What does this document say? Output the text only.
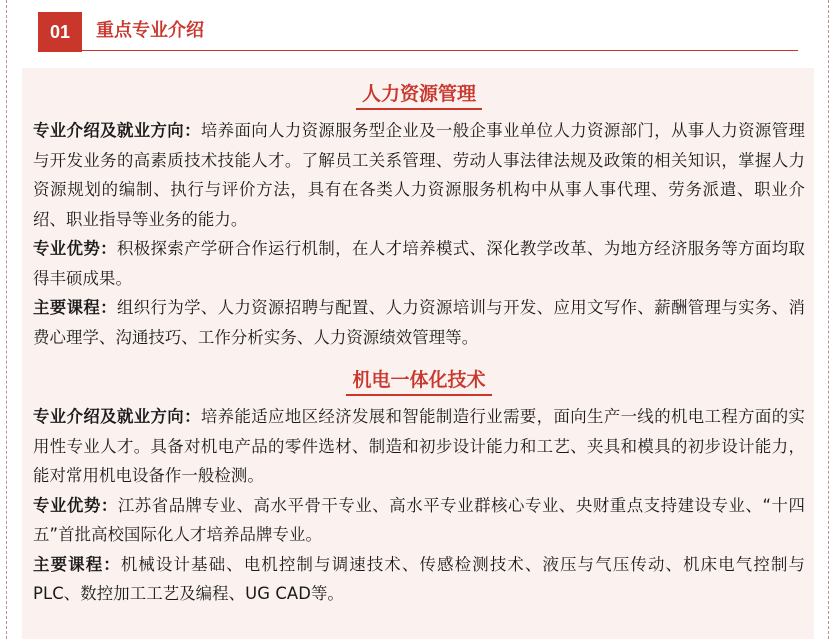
01	重点专业介绍
人力资源管理

专业介绍及就业方向：培养面向人力资源服务型企业及一般企事业单位人力资源部门，从事人力资源管理与开发业务的高素质技术技能人才。了解员工关系管理、劳动人事法律法规及政策的相关知识，掌握人力资源规划的编制、执行与评价方法，具有在各类人力资源服务机构中从事人事代理、劳务派遣、职业介绍、职业指导等业务的能力。

专业优势：积极探索产学研合作运行机制，在人才培养模式、深化教学改革、为地方经济服务等方面均取得丰硕成果。

主要课程：组织行为学、人力资源招聘与配置、人力资源培训与开发、应用文写作、薪酬管理与实务、消费心理学、沟通技巧、工作分析实务、人力资源绩效管理等。

机电一体化技术

专业介绍及就业方向：培养能适应地区经济发展和智能制造行业需要，面向生产一线的机电工程方面的实用性专业人才。具备对机电产品的零件选材、制造和初步设计能力和工艺、夹具和模具的初步设计能力，能对常用机电设备作一般检测。

专业优势：江苏省品牌专业、高水平骨干专业、高水平专业群核心专业、央财重点支持建设专业、“十四五”首批高校国际化人才培养品牌专业。

主要课程：机械设计基础、电机控制与调速技术、传感检测技术、液压与气压传动、机床电气控制与PLC、数控加工工艺及编程、UG CAD等。
